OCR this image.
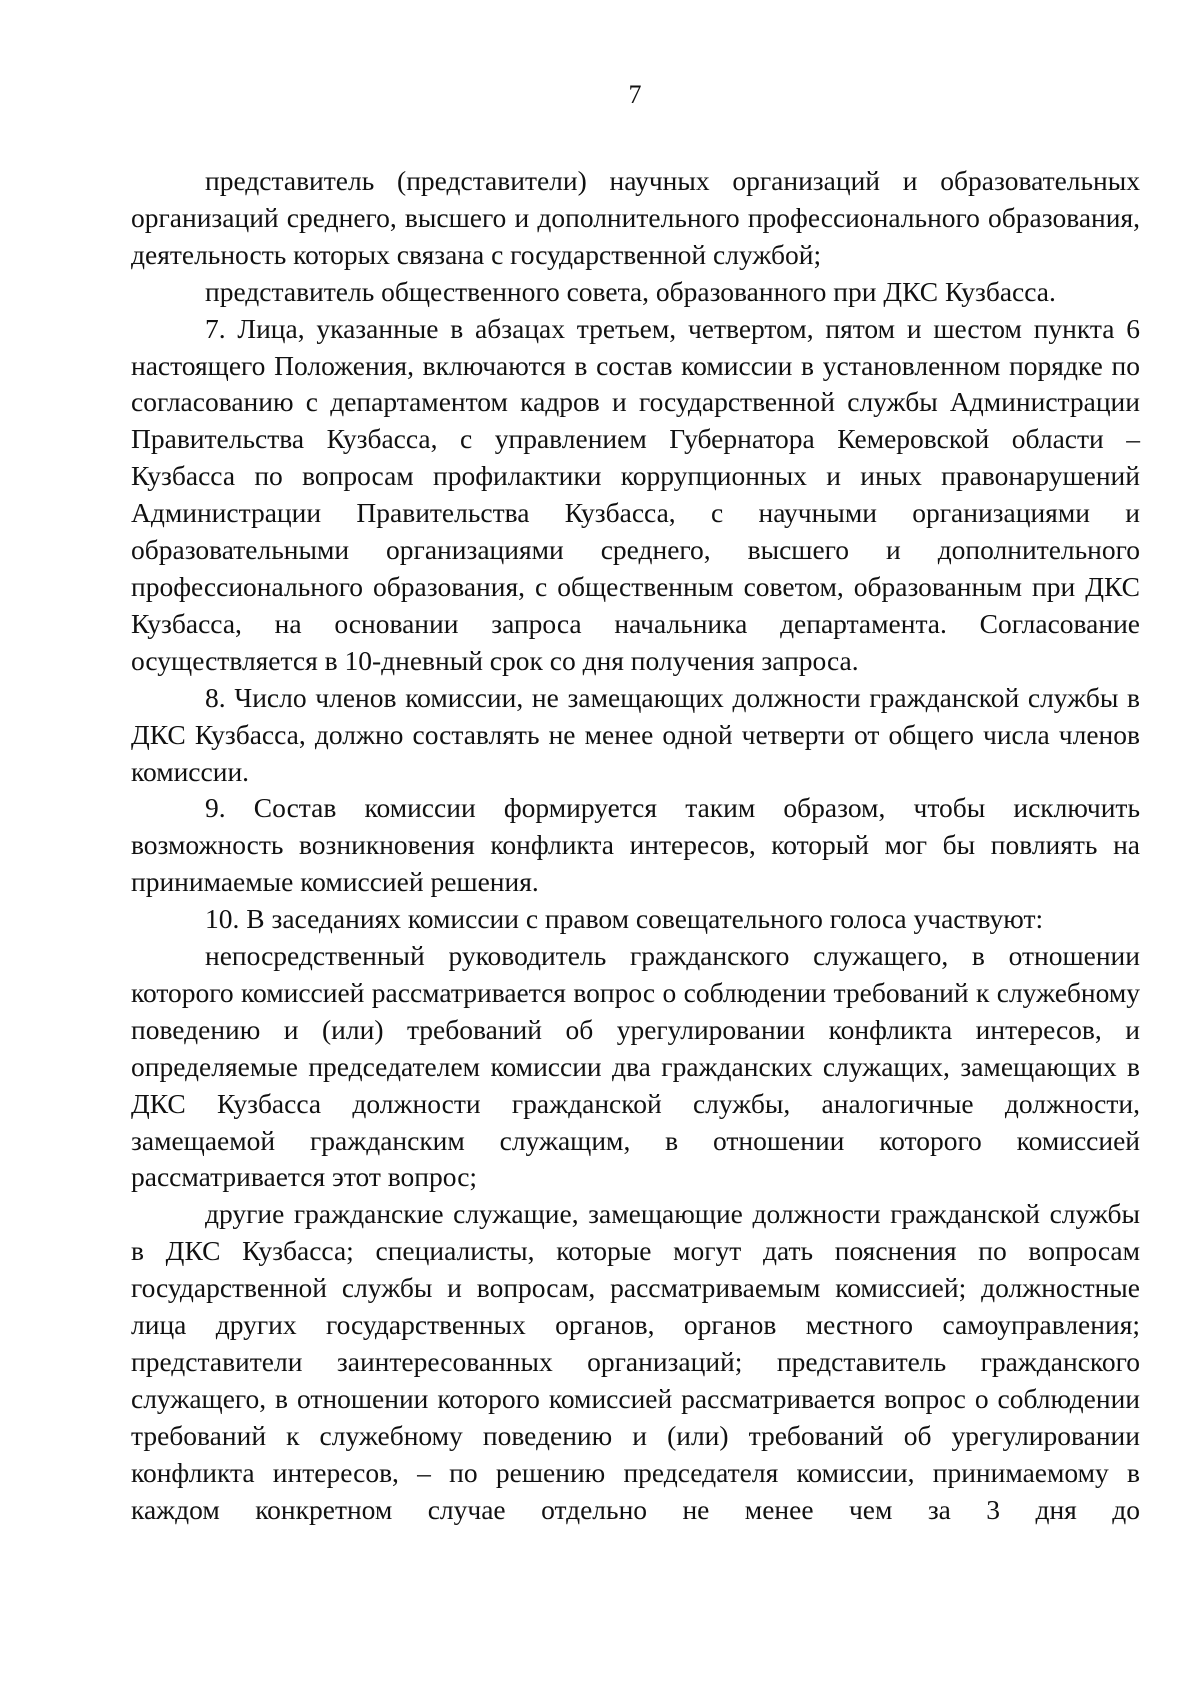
7

представитель (представители) научных организаций и образовательных организаций среднего, высшего и дополнительного профессионального образования, деятельность которых связана с государственной службой;

представитель общественного совета, образованного при ДКС Кузбасса.

7. Лица, указанные в абзацах третьем, четвертом, пятом и шестом пункта 6 настоящего Положения, включаются в состав комиссии в установленном порядке по согласованию с департаментом кадров и государственной службы Администрации Правительства Кузбасса, с управлением Губернатора Кемеровской области – Кузбасса по вопросам профилактики коррупционных и иных правонарушений Администрации Правительства Кузбасса, с научными организациями и образовательными организациями среднего, высшего и дополнительного профессионального образования, с общественным советом, образованным при ДКС Кузбасса, на основании запроса начальника департамента. Согласование осуществляется в 10-дневный срок со дня получения запроса.

8. Число членов комиссии, не замещающих должности гражданской службы в ДКС Кузбасса, должно составлять не менее одной четверти от общего числа членов комиссии.

9. Состав комиссии формируется таким образом, чтобы исключить возможность возникновения конфликта интересов, который мог бы повлиять на принимаемые комиссией решения.

10. В заседаниях комиссии с правом совещательного голоса участвуют:

непосредственный руководитель гражданского служащего, в отношении которого комиссией рассматривается вопрос о соблюдении требований к служебному поведению и (или) требований об урегулировании конфликта интересов, и определяемые председателем комиссии два гражданских служащих, замещающих в ДКС Кузбасса должности гражданской службы, аналогичные должности, замещаемой гражданским служащим, в отношении которого комиссией рассматривается этот вопрос;

другие гражданские служащие, замещающие должности гражданской службы в ДКС Кузбасса; специалисты, которые могут дать пояснения по вопросам государственной службы и вопросам, рассматриваемым комиссией; должностные лица других государственных органов, органов местного самоуправления; представители заинтересованных организаций; представитель гражданского служащего, в отношении которого комиссией рассматривается вопрос о соблюдении требований к служебному поведению и (или) требований об урегулировании конфликта интересов, – по решению председателя комиссии, принимаемому в каждом конкретном случае отдельно не менее чем за 3 дня до
